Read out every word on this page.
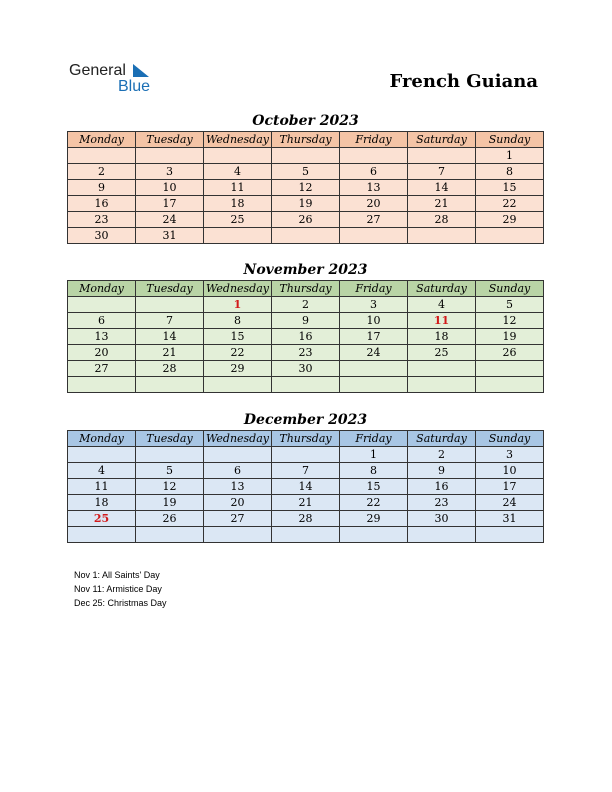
General
Blue	French Guiana
October 2023
Monday	Tuesday	Wednesday	Thursday	Friday	Saturday	Sunday
						1
2	3	4	5	6	7	8
9	10	11	12	13	14	15
16	17	18	19	20	21	22
23	24	25	26	27	28	29
30	31					
November 2023
Monday	Tuesday	Wednesday	Thursday	Friday	Saturday	Sunday
		1	2	3	4	5
6	7	8	9	10	11	12
13	14	15	16	17	18	19
20	21	22	23	24	25	26
27	28	29	30			

December 2023
Monday	Tuesday	Wednesday	Thursday	Friday	Saturday	Sunday
				1	2	3
4	5	6	7	8	9	10
11	12	13	14	15	16	17
18	19	20	21	22	23	24
25	26	27	28	29	30	31

Nov 1: All Saints' Day
Nov 11: Armistice Day
Dec 25: Christmas Day
